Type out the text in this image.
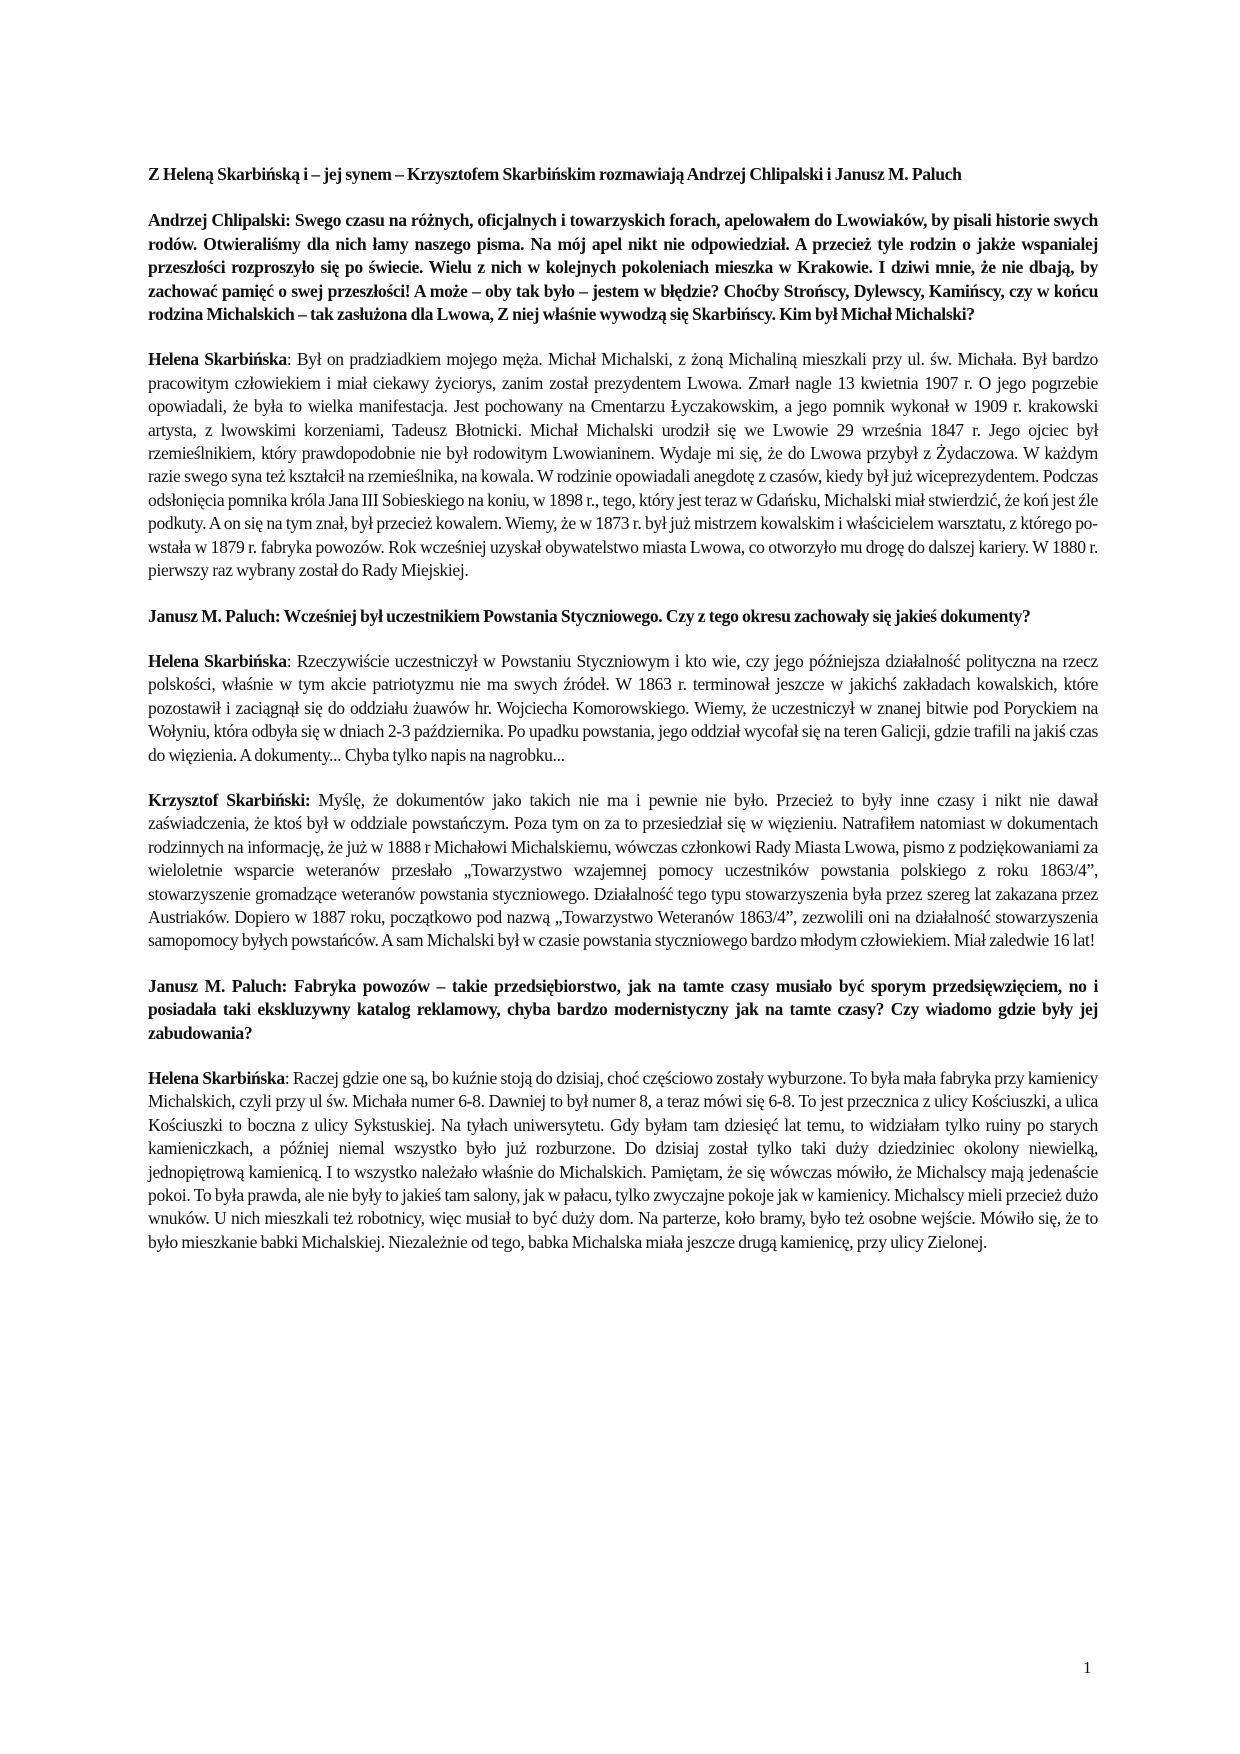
Z Heleną Skarbińską i – jej synem – Krzysztofem Skarbińskim rozmawiają Andrzej Chlipalski i Janusz M. Paluch

Andrzej Chlipalski: Swego czasu na różnych, oficjalnych i towarzyskich forach, apelowałem do Lwowiaków, by pisali historie swych rodów. Otwieraliśmy dla nich łamy naszego pisma. Na mój apel nikt nie odpowiedział. A przecież tyle rodzin o jakże wspanialej przeszłości rozproszyło się po świecie. Wielu z nich w kolejnych pokoleniach mieszka w Krakowie. I dziwi mnie, że nie dbają, by zachować pamięć o swej przeszłości! A może – oby tak było – jestem w błędzie? Choćby Strońscy, Dylewscy, Kamińscy, czy w końcu rodzina Michalskich – tak zasłużona dla Lwowa, Z niej właśnie wywodzą się Skarbińscy. Kim był Michał Michalski?

Helena Skarbińska: Był on pradziadkiem mojego męża. Michał Michalski, z żoną Michaliną mieszkali przy ul. św. Michała. Był bardzo pracowitym człowiekiem i miał ciekawy życiorys, zanim został prezydentem Lwowa. Zmarł nagle 13 kwietnia 1907 r. O jego pogrzebie opowiadali, że była to wielka manifestacja. Jest pochowany na Cmentarzu Łyczakowskim, a jego pomnik wykonał w 1909 r. krakowski artysta, z lwowskimi korzeniami, Tadeusz Błotnicki. Michał Michalski urodził się we Lwowie 29 września 1847 r. Jego ojciec był rzemieślnikiem, który prawdopodobnie nie był rodowitym Lwowianinem. Wydaje mi się, że do Lwowa przybył z Żydaczowa. W każdym razie swego syna też kształcił na rzemieślnika, na kowala. W rodzinie opowiadali anegdotę z czasów, kiedy był już wiceprezydentem. Podczas odsłonięcia pomnika króla Jana III Sobieskiego na koniu, w 1898 r., tego, który jest teraz w Gdańsku, Michalski miał stwierdzić, że koń jest źle podkuty. A on się na tym znał, był przecież kowalem. Wiemy, że w 1873 r. był już mistrzem kowalskim i właścicielem warsztatu, z którego powstała w 1879 r. fabryka powozów. Rok wcześniej uzyskał obywatelstwo miasta Lwowa, co otworzyło mu drogę do dalszej kariery. W 1880 r. pierwszy raz wybrany został do Rady Miejskiej.

Janusz M. Paluch: Wcześniej był uczestnikiem Powstania Styczniowego. Czy z tego okresu zachowały się jakieś dokumenty?

Helena Skarbińska: Rzeczywiście uczestniczył w Powstaniu Styczniowym i kto wie, czy jego późniejsza działalność polityczna na rzecz polskości, właśnie w tym akcie patriotyzmu nie ma swych źródeł. W 1863 r. terminował jeszcze w jakichś zakładach kowalskich, które pozostawił i zaciągnął się do oddziału żuawów hr. Wojciecha Komorowskiego. Wiemy, że uczestniczył w znanej bitwie pod Poryckiem na Wołyniu, która odbyła się w dniach 2-3 października. Po upadku powstania, jego oddział wycofał się na teren Galicji, gdzie trafili na jakiś czas do więzienia. A dokumenty... Chyba tylko napis na nagrobku...

Krzysztof Skarbiński: Myślę, że dokumentów jako takich nie ma i pewnie nie było. Przecież to były inne czasy i nikt nie dawał zaświadczenia, że ktoś był w oddziale powstańczym. Poza tym on za to przesiedział się w więzieniu. Natrafiłem natomiast w dokumentach rodzinnych na informację, że już w 1888 r Michałowi Michalskiemu, wówczas członkowi Rady Miasta Lwowa, pismo z podziękowaniami za wieloletnie wsparcie weteranów przesłało „Towarzystwo wzajemnej pomocy uczestników powstania polskiego z roku 1863/4”, stowarzyszenie gromadzące weteranów powstania styczniowego. Działalność tego typu stowarzyszenia była przez szereg lat zakazana przez Austriaków. Dopiero w 1887 roku, początkowo pod nazwą „Towarzystwo Weteranów 1863/4”, zezwolili oni na działalność stowarzyszenia samopomocy byłych powstańców. A sam Michalski był w czasie powstania styczniowego bardzo młodym człowiekiem. Miał zaledwie 16 lat!

Janusz M. Paluch: Fabryka powozów – takie przedsiębiorstwo, jak na tamte czasy musiało być sporym przedsięwzięciem, no i posiadała taki ekskluzywny katalog reklamowy, chyba bardzo modernistyczny jak na tamte czasy? Czy wiadomo gdzie były jej zabudowania?

Helena Skarbińska: Raczej gdzie one są, bo kuźnie stoją do dzisiaj, choć częściowo zostały wyburzone. To była mała fabryka przy kamienicy Michalskich, czyli przy ul św. Michała numer 6-8. Dawniej to był numer 8, a teraz mówi się 6-8. To jest przecznica z ulicy Kościuszki, a ulica Kościuszki to boczna z ulicy Sykstuskiej. Na tyłach uniwersytetu. Gdy byłam tam dziesięć lat temu, to widziałam tylko ruiny po starych kamieniczkach, a później niemal wszystko było już rozburzone. Do dzisiaj został tylko taki duży dziedziniec okolony niewielką, jednopiętrową kamienicą. I to wszystko należało właśnie do Michalskich. Pamiętam, że się wówczas mówiło, że Michalscy mają jedenaście pokoi. To była prawda, ale nie były to jakieś tam salony, jak w pałacu, tylko zwyczajne pokoje jak w kamienicy. Michalscy mieli przecież dużo wnuków. U nich mieszkali też robotnicy, więc musiał to być duży dom. Na parterze, koło bramy, było też osobne wejście. Mówiło się, że to było mieszkanie babki Michalskiej. Niezależnie od tego, babka Michalska miała jeszcze drugą kamienicę, przy ulicy Zielonej.

1
